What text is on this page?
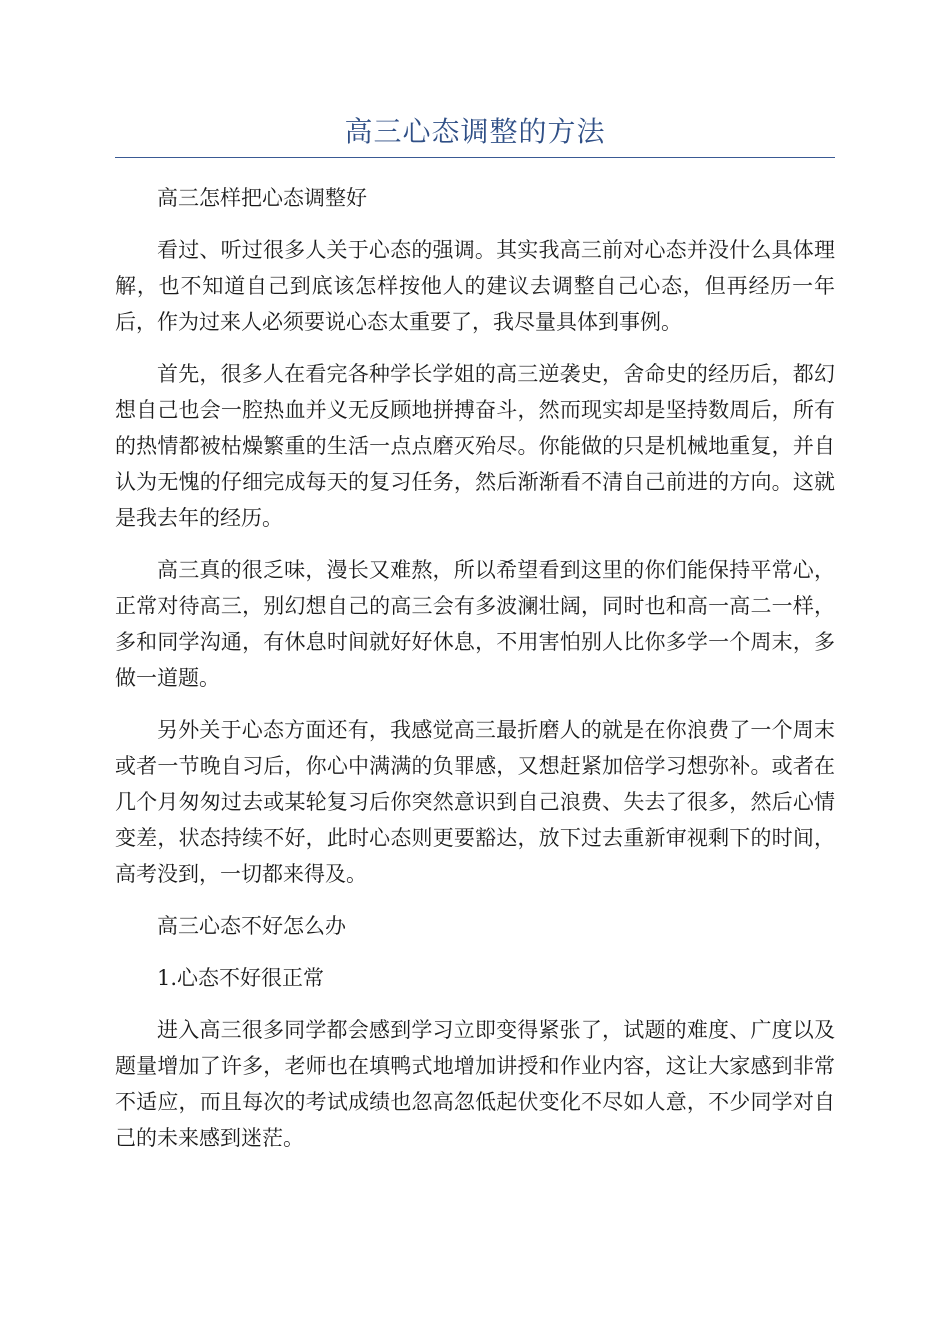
高三心态调整的方法

高三怎样把心态调整好

看过、听过很多人关于心态的强调。其实我高三前对心态并没什么具体理解，也不知道自己到底该怎样按他人的建议去调整自己心态，但再经历一年后，作为过来人必须要说心态太重要了，我尽量具体到事例。

首先，很多人在看完各种学长学姐的高三逆袭史，舍命史的经历后，都幻想自己也会一腔热血并义无反顾地拼搏奋斗，然而现实却是坚持数周后，所有的热情都被枯燥繁重的生活一点点磨灭殆尽。你能做的只是机械地重复，并自认为无愧的仔细完成每天的复习任务，然后渐渐看不清自己前进的方向。这就是我去年的经历。

高三真的很乏味，漫长又难熬，所以希望看到这里的你们能保持平常心，正常对待高三，别幻想自己的高三会有多波澜壮阔，同时也和高一高二一样，多和同学沟通，有休息时间就好好休息，不用害怕别人比你多学一个周末，多做一道题。

另外关于心态方面还有，我感觉高三最折磨人的就是在你浪费了一个周末或者一节晚自习后，你心中满满的负罪感，又想赶紧加倍学习想弥补。或者在几个月匆匆过去或某轮复习后你突然意识到自己浪费、失去了很多，然后心情变差，状态持续不好，此时心态则更要豁达，放下过去重新审视剩下的时间，高考没到，一切都来得及。

高三心态不好怎么办

1.心态不好很正常

进入高三很多同学都会感到学习立即变得紧张了，试题的难度、广度以及题量增加了许多，老师也在填鸭式地增加讲授和作业内容，这让大家感到非常不适应，而且每次的考试成绩也忽高忽低起伏变化不尽如人意，不少同学对自己的未来感到迷茫。
